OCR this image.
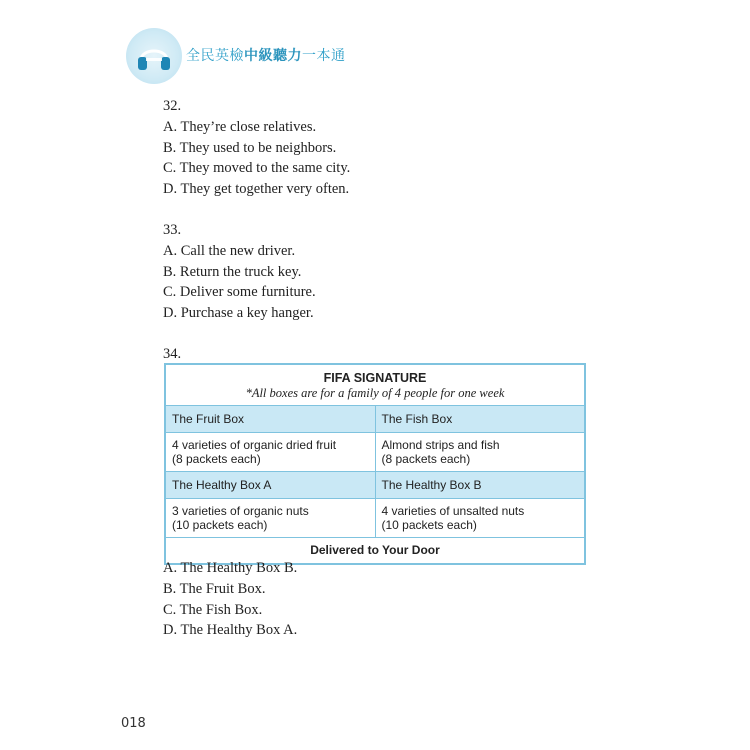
全民英檢中級聽力一本通
32.
A. They’re close relatives.
B. They used to be neighbors.
C. They moved to the same city.
D. They get together very often.
33.
A. Call the new driver.
B. Return the truck key.
C. Deliver some furniture.
D. Purchase a key hanger.
34.
FIFA SIGNATURE
*All boxes are for a family of 4 people for one week
The Fruit Box	The Fish Box
4 varieties of organic dried fruit
(8 packets each)
Almond strips and fish
(8 packets each)
The Healthy Box A	The Healthy Box B
3 varieties of organic nuts
(10 packets each)
4 varieties of unsalted nuts
(10 packets each)
Delivered to Your Door
A. The Healthy Box B.
B. The Fruit Box.
C. The Fish Box.
D. The Healthy Box A.
018
